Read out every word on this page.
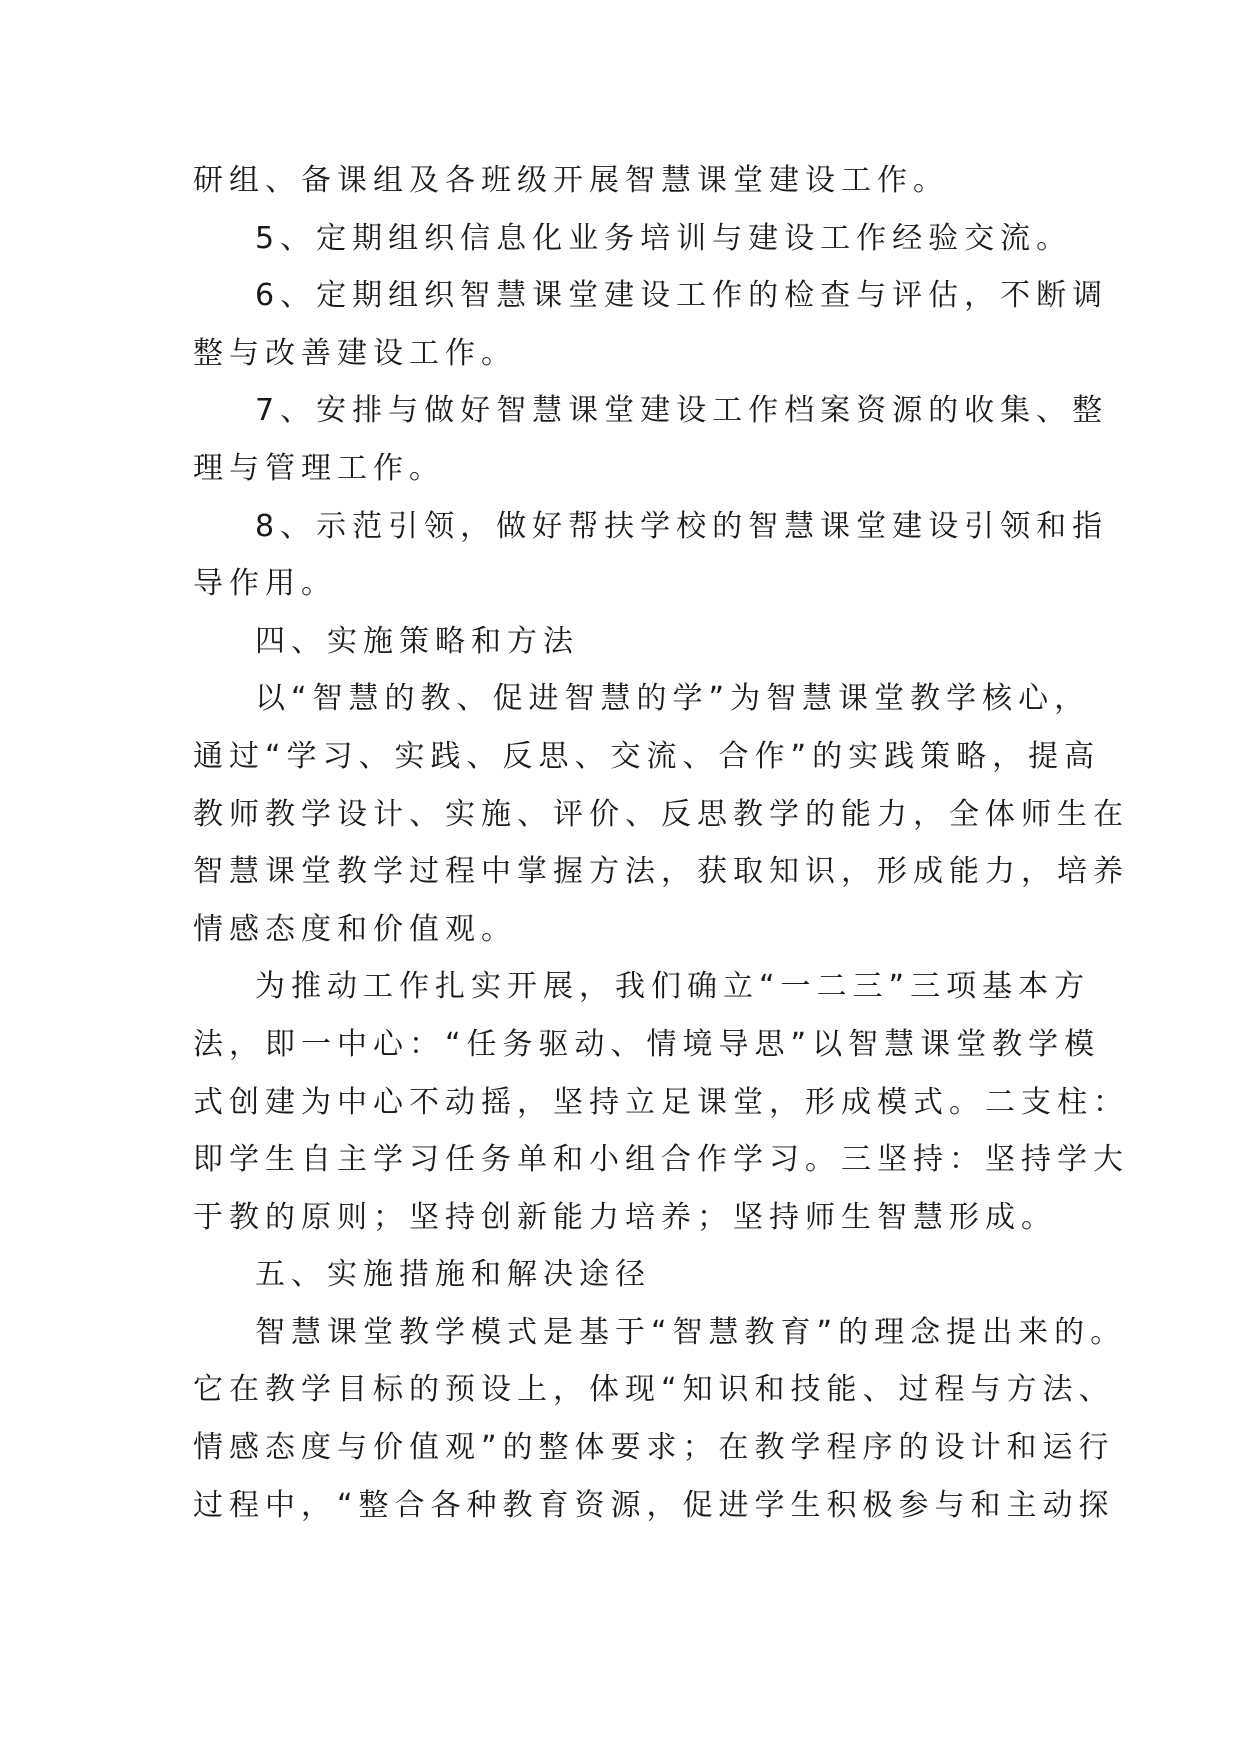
研组、备课组及各班级开展智慧课堂建设工作。
5、定期组织信息化业务培训与建设工作经验交流。
6、定期组织智慧课堂建设工作的检查与评估，不断调
整与改善建设工作。
7、安排与做好智慧课堂建设工作档案资源的收集、整
理与管理工作。
8、示范引领，做好帮扶学校的智慧课堂建设引领和指
导作用。
四、实施策略和方法
以“智慧的教、促进智慧的学”为智慧课堂教学核心，
通过“学习、实践、反思、交流、合作”的实践策略，提高
教师教学设计、实施、评价、反思教学的能力，全体师生在
智慧课堂教学过程中掌握方法，获取知识，形成能力，培养
情感态度和价值观。
为推动工作扎实开展，我们确立“一二三”三项基本方
法，即一中心：“任务驱动、情境导思”以智慧课堂教学模
式创建为中心不动摇，坚持立足课堂，形成模式。二支柱：
即学生自主学习任务单和小组合作学习。三坚持：坚持学大
于教的原则；坚持创新能力培养；坚持师生智慧形成。
五、实施措施和解决途径
智慧课堂教学模式是基于“智慧教育”的理念提出来的。
它在教学目标的预设上，体现“知识和技能、过程与方法、
情感态度与价值观”的整体要求；在教学程序的设计和运行
过程中，“整合各种教育资源，促进学生积极参与和主动探
